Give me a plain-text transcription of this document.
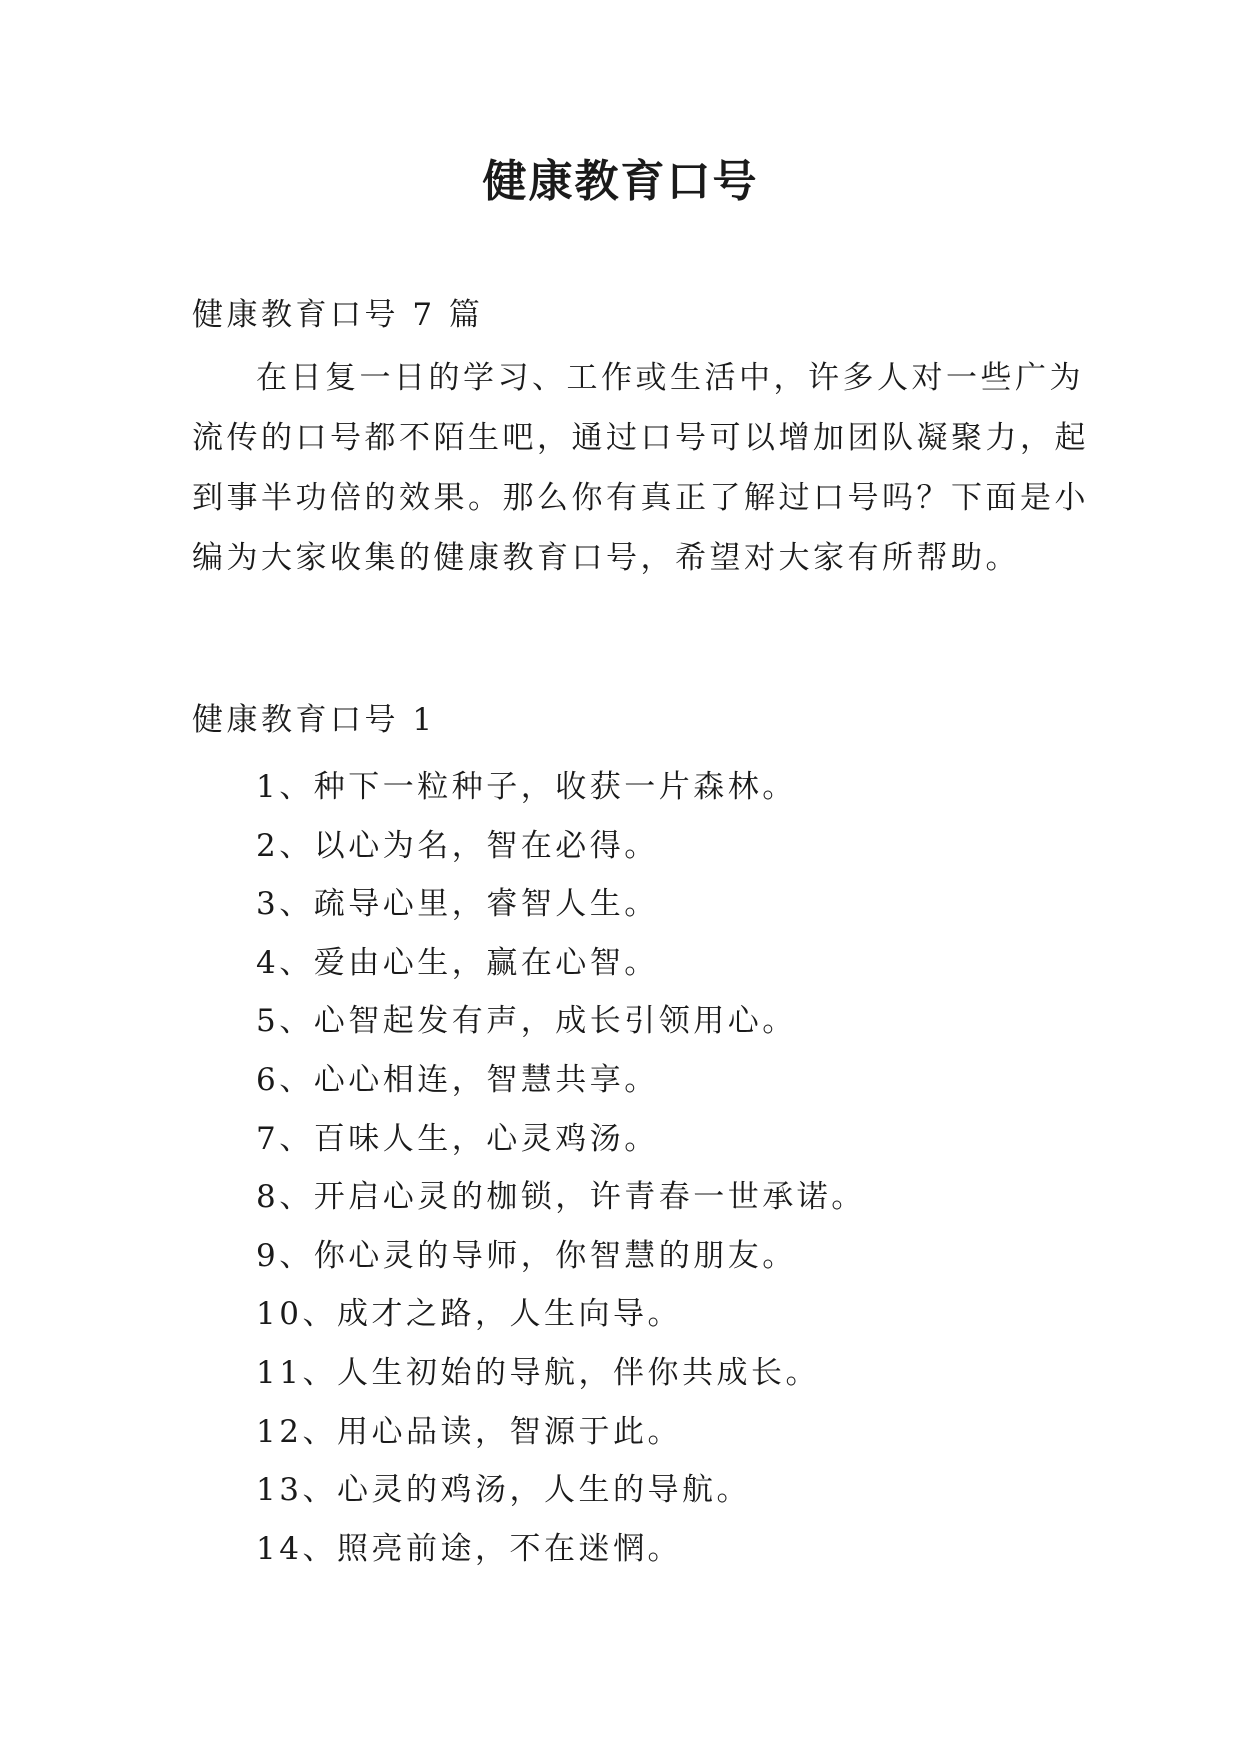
健康教育口号

健康教育口号 7 篇

在日复一日的学习、工作或生活中，许多人对一些广为

流传的口号都不陌生吧，通过口号可以增加团队凝聚力，起

到事半功倍的效果。那么你有真正了解过口号吗？下面是小

编为大家收集的健康教育口号，希望对大家有所帮助。

健康教育口号 1

1、种下一粒种子，收获一片森林。
2、以心为名，智在必得。
3、疏导心里，睿智人生。
4、爱由心生，赢在心智。
5、心智起发有声，成长引领用心。
6、心心相连，智慧共享。
7、百味人生，心灵鸡汤。
8、开启心灵的枷锁，许青春一世承诺。
9、你心灵的导师，你智慧的朋友。
10、成才之路，人生向导。
11、人生初始的导航，伴你共成长。
12、用心品读，智源于此。
13、心灵的鸡汤，人生的导航。
14、照亮前途，不在迷惘。
